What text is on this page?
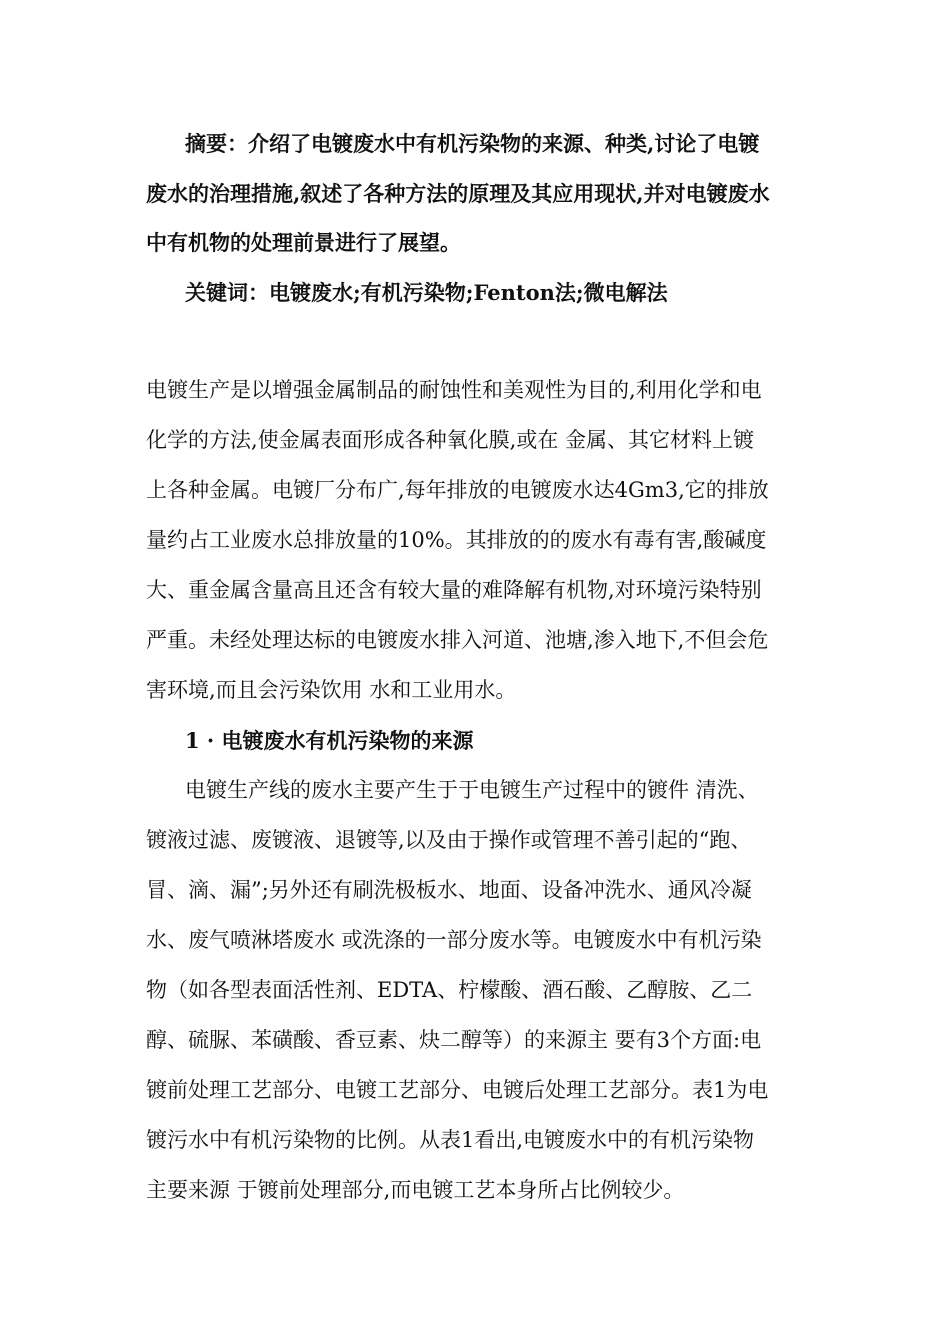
摘要：介绍了电镀废水中有机污染物的来源、种类,讨论了电镀
废水的治理措施,叙述了各种方法的原理及其应用现状,并对电镀废水
中有机物的处理前景进行了展望。
关键词：电镀废水;有机污染物;Fenton法;微电解法
电镀生产是以增强金属制品的耐蚀性和美观性为目的,利用化学和电
化学的方法,使金属表面形成各种氧化膜,或在 金属、其它材料上镀
上各种金属。电镀厂分布广,每年排放的电镀废水达4Gm3,它的排放
量约占工业废水总排放量的10%。其排放的的废水有毒有害,酸碱度
大、重金属含量高且还含有较大量的难降解有机物,对环境污染特别
严重。未经处理达标的电镀废水排入河道、池塘,渗入地下,不但会危
害环境,而且会污染饮用 水和工业用水。
1 · 电镀废水有机污染物的来源
电镀生产线的废水主要产生于于电镀生产过程中的镀件 清洗、
镀液过滤、废镀液、退镀等,以及由于操作或管理不善引起的“跑、
冒、滴、漏”;另外还有刷洗极板水、地面、设备冲洗水、通风冷凝
水、废气喷淋塔废水 或洗涤的一部分废水等。电镀废水中有机污染
物（如各型表面活性剂、EDTA、柠檬酸、酒石酸、乙醇胺、乙二
醇、硫脲、苯磺酸、香豆素、炔二醇等）的来源主 要有3个方面:电
镀前处理工艺部分、电镀工艺部分、电镀后处理工艺部分。表1为电
镀污水中有机污染物的比例。从表1看出,电镀废水中的有机污染物
主要来源 于镀前处理部分,而电镀工艺本身所占比例较少。
